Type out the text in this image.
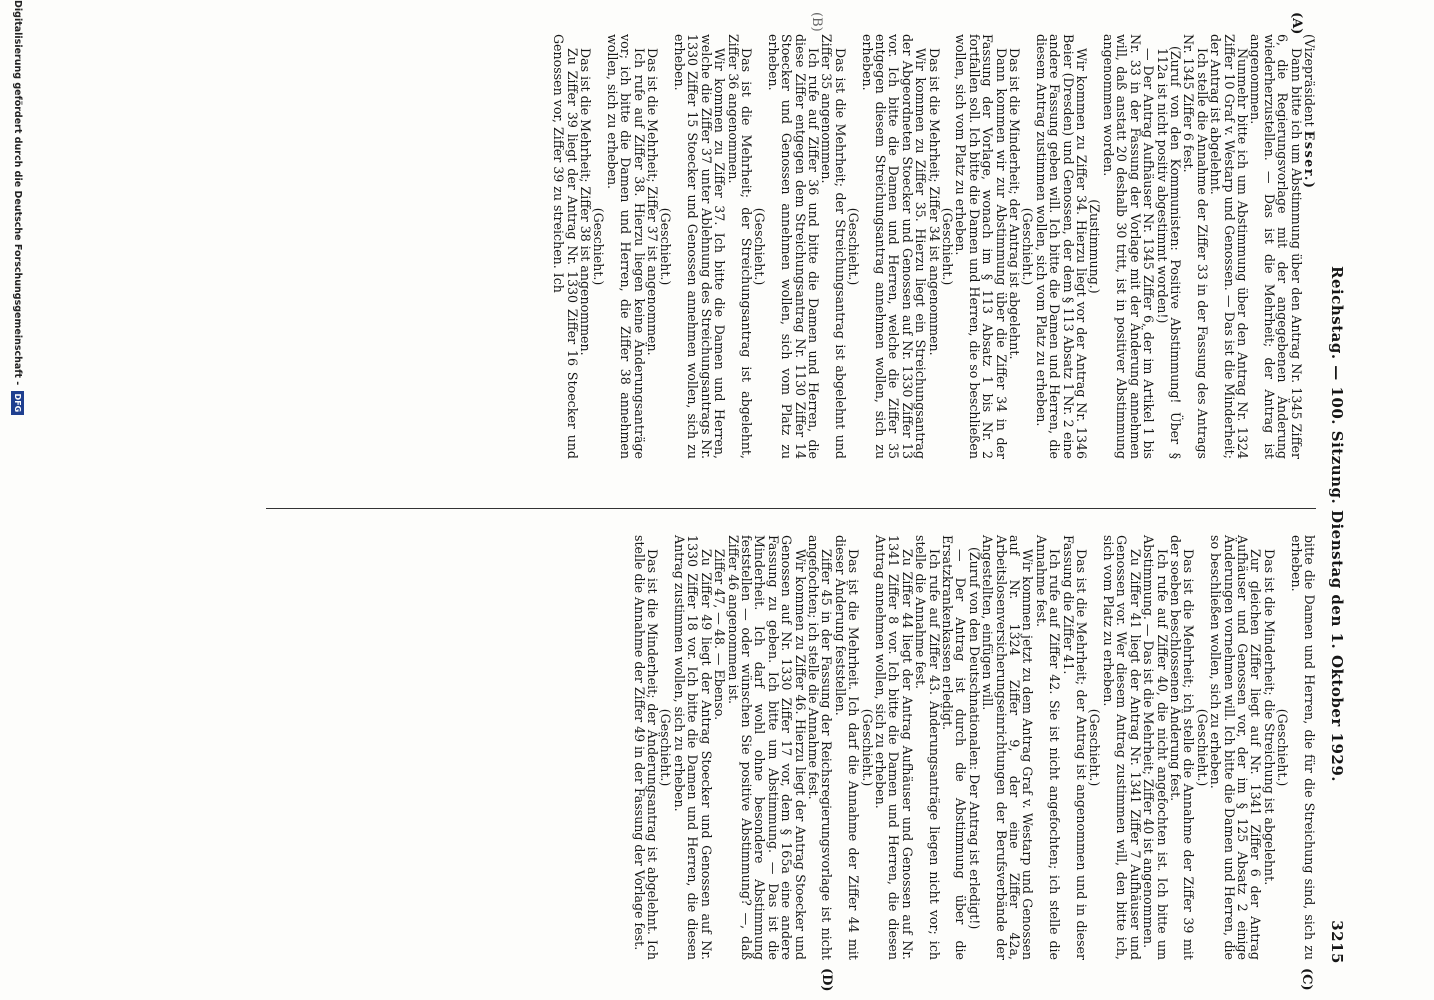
Reichstag. — 100. Sitzung. Dienstag den 1. Oktober 1929.
3215
(A)
(B)
(C)
(D)

(Vizepräsident Esser.)

Dann bitte ich um Abstimmung über den Antrag Nr. 1345 Ziffer 6, die Regierungsvorlage mit der angegebenen Änderung wiederherzustellen. — Das ist die Mehrheit; der Antrag ist angenommen.

Nunmehr bitte ich um Abstimmung über den Antrag Nr. 1324 Ziffer 10 Graf v. Westarp und Genossen. — Das ist die Minderheit; der Antrag ist abgelehnt.

Ich stelle die Annahme der Ziffer 33 in der Fassung des Antrags Nr. 1345 Ziffer 6 fest.

(Zuruf von den Kommunisten: Positive Abstimmung! Über § 112a ist nicht positiv abgestimmt worden!)

— Der Antrag Aufhäuser Nr. 1345 Ziffer 6, der im Artikel 1 bis Nr. 33 in der Fassung der Vorlage mit der Änderung annehmen will, daß anstatt 20 deshalb 30 tritt, ist in positiver Abstimmung angenommen worden.

(Zustimmung.)

Wir kommen zu Ziffer 34. Hierzu liegt vor der Antrag Nr. 1346 Beier (Dresden) und Genossen, der dem § 113 Absatz 1 Nr. 2 eine andere Fassung geben will. Ich bitte die Damen und Herren, die diesem Antrag zustimmen wollen, sich vom Platz zu erheben.

(Geschieht.)

Das ist die Minderheit; der Antrag ist abgelehnt.

Dann kommen wir zur Abstimmung über die Ziffer 34 in der Fassung der Vorlage, wonach im § 113 Absatz 1 bis Nr. 2 fortfallen soll. Ich bitte die Damen und Herren, die so beschließen wollen, sich vom Platz zu erheben.

(Geschieht.)

Das ist die Mehrheit; Ziffer 34 ist angenommen.

Wir kommen zu Ziffer 35. Hierzu liegt ein Streichungsantrag der Abgeordneten Stoecker und Genossen auf Nr. 1330 Ziffer 13 vor. Ich bitte die Damen und Herren, welche die Ziffer 35 entgegen diesem Streichungsantrag annehmen wollen, sich zu erheben.

(Geschieht.)

Das ist die Mehrheit; der Streichungsantrag ist abgelehnt und Ziffer 35 angenommen.

Ich rufe auf Ziffer 36 und bitte die Damen und Herren, die diese Ziffer entgegen dem Streichungsantrag Nr. 1130 Ziffer 14 Stoecker und Genossen annehmen wollen, sich vom Platz zu erheben.

(Geschieht.)

Das ist die Mehrheit; der Streichungsantrag ist abgelehnt, Ziffer 36 angenommen.

Wir kommen zu Ziffer 37. Ich bitte die Damen und Herren, welche die Ziffer 37 unter Ablehnung des Streichungsantrags Nr. 1330 Ziffer 15 Stoecker und Genossen annehmen wollen, sich zu erheben.

(Geschieht.)

Das ist die Mehrheit; Ziffer 37 ist angenommen.

Ich rufe auf Ziffer 38. Hierzu liegen keine Änderungsanträge vor; ich bitte die Damen und Herren, die Ziffer 38 annehmen wollen, sich zu erheben.

(Geschieht.)

Das ist die Mehrheit; Ziffer 38 ist angenommen.

Zu Ziffer 39 liegt der Antrag Nr. 1330 Ziffer 16 Stoecker und Genossen vor, Ziffer 39 zu streichen. Ich

bitte die Damen und Herren, die für die Streichung sind, sich zu erheben.

(Geschieht.)

Das ist die Minderheit; die Streichung ist abgelehnt.

Zur gleichen Ziffer liegt auf Nr. 1341 Ziffer 6 der Antrag Aufhäuser und Genossen vor, der im § 125 Absatz 2 einige Änderungen vornehmen will. Ich bitte die Damen und Herren, die so beschließen wollen, sich zu erheben.

(Geschieht.)

Das ist die Mehrheit; ich stelle die Annahme der Ziffer 39 mit der soeben beschlossenen Änderung fest.

Ich rufe auf Ziffer 40, die nicht angefochten ist. Ich bitte um Abstimmung. — Das ist die Mehrheit; Ziffer 40 ist angenommen.

Zu Ziffer 41 liegt der Antrag Nr. 1341 Ziffer 7 Aufhäuser und Genossen vor. Wer diesem Antrag zustimmen will, den bitte ich, sich vom Platz zu erheben.

(Geschieht.)

Das ist die Mehrheit; der Antrag ist angenommen und in dieser Fassung die Ziffer 41.

Ich rufe auf Ziffer 42. Sie ist nicht angefochten; ich stelle die Annahme fest.

Wir kommen jetzt zu dem Antrag Graf v. Westarp und Genossen auf Nr. 1324 Ziffer 9, der eine Ziffer 42a, Arbeitslosenversicherungseinrichtungen der Berufsverbände der Angestellten, einfügen will.

(Zuruf von den Deutschnationalen: Der Antrag ist erledigt!)

— Der Antrag ist durch die Abstimmung über die Ersatzkrankenkassen erledigt.

Ich rufe auf Ziffer 43. Änderungsanträge liegen nicht vor; ich stelle die Annahme fest.

Zu Ziffer 44 liegt der Antrag Aufhäuser und Genossen auf Nr. 1341 Ziffer 8 vor. Ich bitte die Damen und Herren, die diesen Antrag annehmen wollen, sich zu erheben.

(Geschieht.)

Das ist die Mehrheit. Ich darf die Annahme der Ziffer 44 mit dieser Änderung feststellen.

Ziffer 45 in der Fassung der Reichsregierungsvorlage ist nicht angefochten; ich stelle die Annahme fest.

Wir kommen zu Ziffer 46. Hierzu liegt der Antrag Stoecker und Genossen auf Nr. 1330 Ziffer 17 vor, dem § 165a eine andere Fassung zu geben. Ich bitte um Abstimmung. — Das ist die Minderheit. Ich darf wohl ohne besondere Abstimmung feststellen — oder wünschen Sie positive Abstimmung? —, daß Ziffer 46 angenommen ist.

Ziffer 47, — 48. — Ebenso.

Zu Ziffer 49 liegt der Antrag Stoecker und Genossen auf Nr. 1330 Ziffer 18 vor. Ich bitte die Damen und Herren, die diesen Antrag zustimmen wollen, sich zu erheben.

(Geschieht.)

Das ist die Minderheit; der Änderungsantrag ist abgelehnt. Ich stelle die Annahme der Ziffer 49 in der Fassung der Vorlage fest.

Digitalisierung gefördert durch die Deutsche Forschungsgemeinschaft - DFG
